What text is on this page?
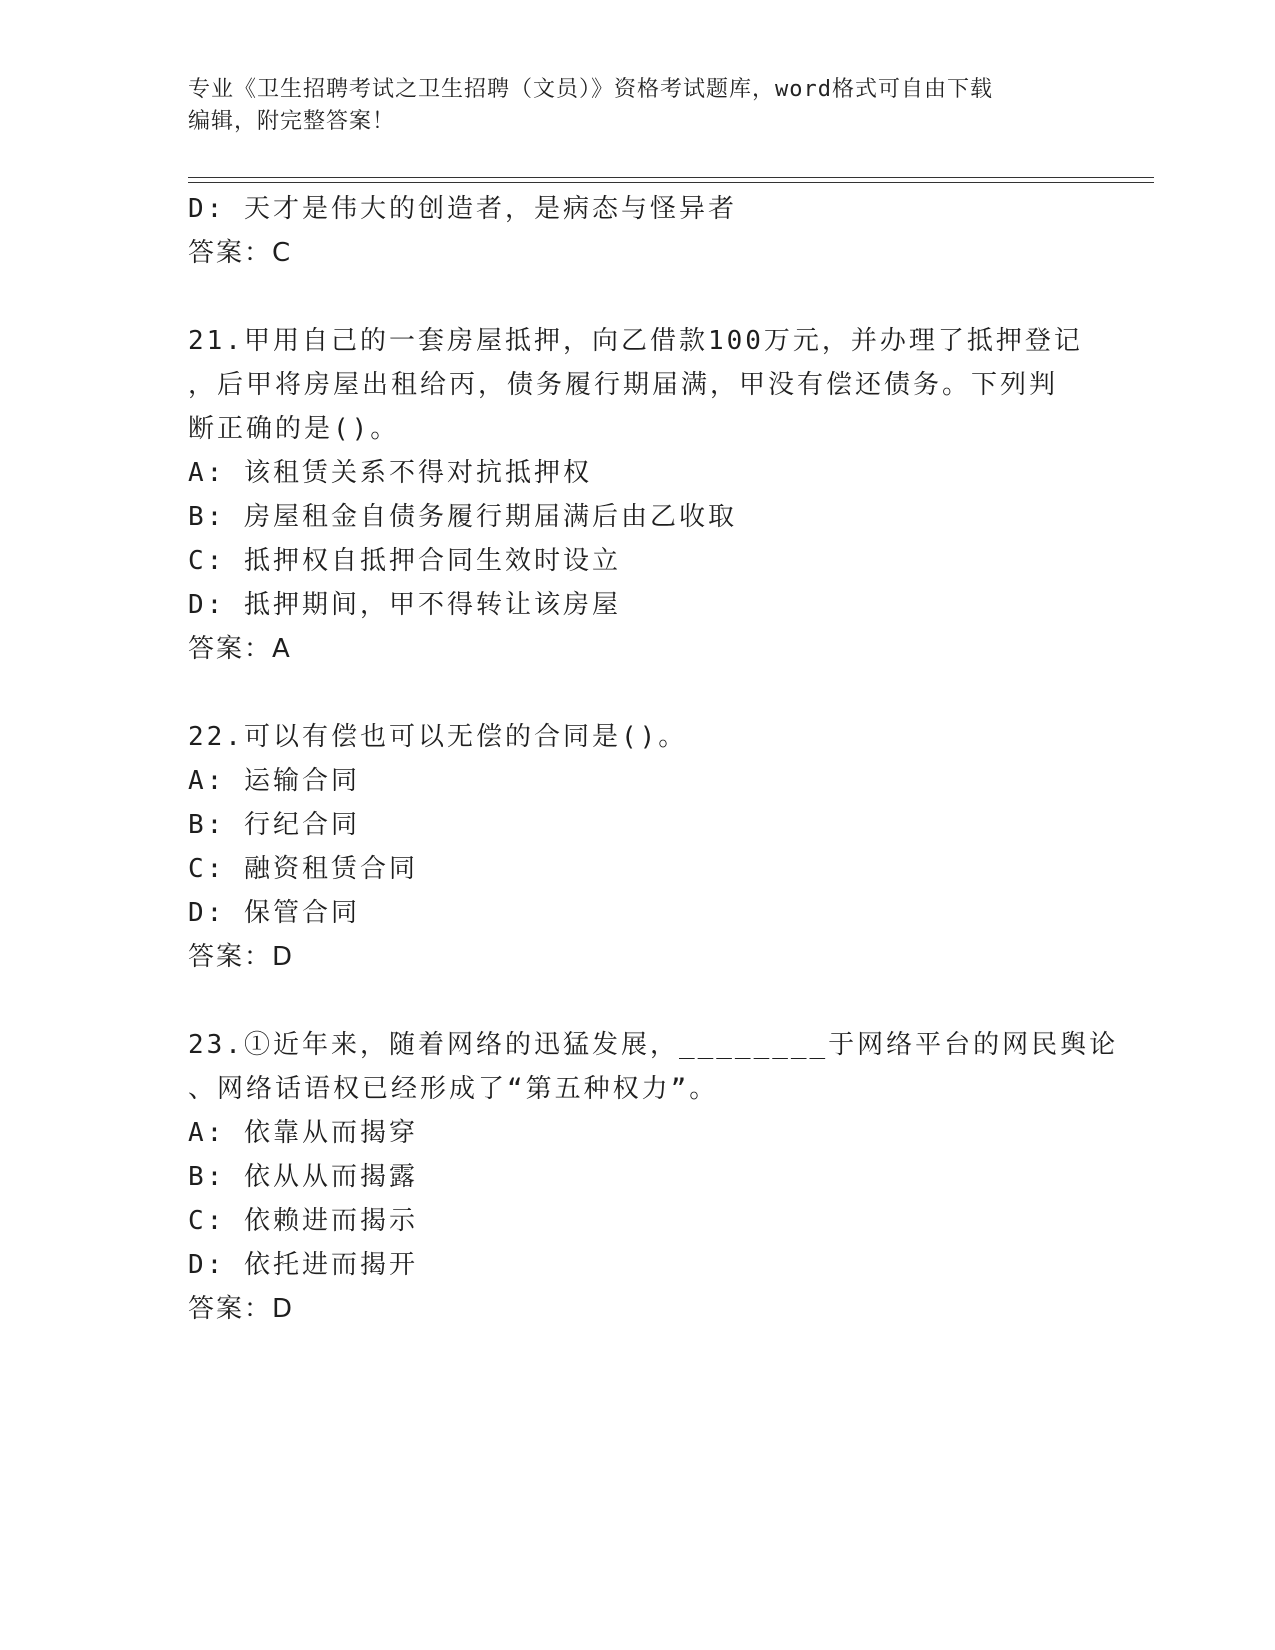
专业《卫生招聘考试之卫生招聘（文员）》资格考试题库，word格式可自由下载
编辑，附完整答案！
D: 天才是伟大的创造者，是病态与怪异者
答案：C
21.甲用自己的一套房屋抵押，向乙借款100万元，并办理了抵押登记
，后甲将房屋出租给丙，债务履行期届满，甲没有偿还债务。下列判
断正确的是()。
A: 该租赁关系不得对抗抵押权
B: 房屋租金自债务履行期届满后由乙收取
C: 抵押权自抵押合同生效时设立
D: 抵押期间，甲不得转让该房屋
答案：A
22.可以有偿也可以无偿的合同是()。
A: 运输合同
B: 行纪合同
C: 融资租赁合同
D: 保管合同
答案：D
23.①近年来，随着网络的迅猛发展，________于网络平台的网民舆论
、网络话语权已经形成了“第五种权力”。
A: 依靠从而揭穿
B: 依从从而揭露
C: 依赖进而揭示
D: 依托进而揭开
答案：D
